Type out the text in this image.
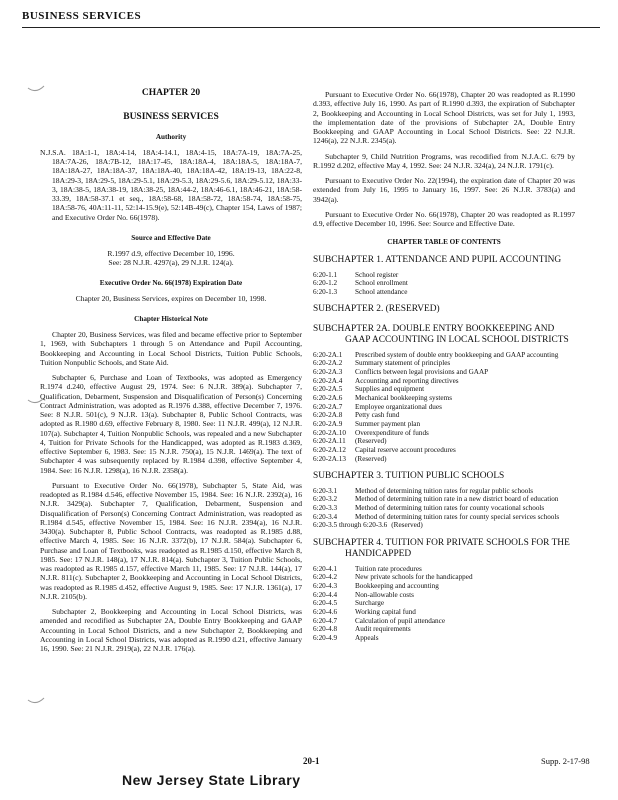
BUSINESS SERVICES
CHAPTER 20
BUSINESS SERVICES
Authority

N.J.S.A. 18A:1-1, 18A:4-14, 18A:4-14.1, 18A:4-15, 18A:7A-19, 18A:7A-25, 18A:7A-26, 18A:7B-12, 18A:17-45, 18A:18A-4, 18A:18A-5, 18A:18A-7, 18A:18A-27, 18A:18A-37, 18A:18A-40, 18A:18A-42, 18A:19-13, 18A:22-8, 18A:29-3, 18A:29-5, 18A:29-5.1, 18A:29-5.3, 18A:29-5.6, 18A:29-5.12, 18A:33-3, 18A:38-5, 18A:38-19, 18A:38-25, 18A:44-2, 18A:46-6.1, 18A:46-21, 18A:58-33.39, 18A:58-37.1 et seq., 18A:58-68, 18A:58-72, 18A:58-74, 18A:58-75, 18A:58-76, 40A:11-11, 52:14-15.9(e), 52:14B-49(c), Chapter 154, Laws of 1987; and Executive Order No. 66(1978).

Source and Effective Date
R.1997 d.9, effective December 10, 1996.
See: 28 N.J.R. 4297(a), 29 N.J.R. 124(a).
Executive Order No. 66(1978) Expiration Date
Chapter 20, Business Services, expires on December 10, 1998.
Chapter Historical Note

Chapter 20, Business Services, was filed and became effective prior to September 1, 1969, with Subchapters 1 through 5 on Attendance and Pupil Accounting, Bookkeeping and Accounting in Local School Districts, Tuition Public Schools, Tuition Nonpublic Schools, and State Aid.

Subchapter 6, Purchase and Loan of Textbooks, was adopted as Emergency R.1974 d.240, effective August 29, 1974. See: 6 N.J.R. 389(a). Subchapter 7, Qualification, Debarment, Suspension and Disqualification of Person(s) Concerning Contract Administration, was adopted as R.1976 d.388, effective December 7, 1976. See: 8 N.J.R. 501(c), 9 N.J.R. 13(a). Subchapter 8, Public School Contracts, was adopted as R.1980 d.69, effective February 8, 1980. See: 11 N.J.R. 499(a), 12 N.J.R. 107(a). Subchapter 4, Tuition Nonpublic Schools, was repealed and a new Subchapter 4, Tuition for Private Schools for the Handicapped, was adopted as R.1983 d.369, effective September 6, 1983. See: 15 N.J.R. 750(a), 15 N.J.R. 1469(a). The text of Subchapter 4 was subsequently replaced by R.1984 d.398, effective September 4, 1984. See: 16 N.J.R. 1298(a), 16 N.J.R. 2358(a).

Pursuant to Executive Order No. 66(1978), Subchapter 5, State Aid, was readopted as R.1984 d.546, effective November 15, 1984. See: 16 N.J.R. 2392(a), 16 N.J.R. 3429(a). Subchapter 7, Qualification, Debarment, Suspension and Disqualification of Person(s) Concerning Contract Administration, was readopted as R.1984 d.545, effective November 15, 1984. See: 16 N.J.R. 2394(a), 16 N.J.R. 3430(a). Subchapter 8, Public School Contracts, was readopted as R.1985 d.88, effective March 4, 1985. See: 16 N.J.R. 3372(b), 17 N.J.R. 584(a). Subchapter 6, Purchase and Loan of Textbooks, was readopted as R.1985 d.150, effective March 8, 1985. See: 17 N.J.R. 148(a), 17 N.J.R. 814(a). Subchapter 3, Tuition Public Schools, was readopted as R.1985 d.157, effective March 11, 1985. See: 17 N.J.R. 144(a), 17 N.J.R. 811(c). Subchapter 2, Bookkeeping and Accounting in Local School Districts, was readopted as R.1985 d.452, effective August 9, 1985. See: 17 N.J.R. 1361(a), 17 N.J.R. 2105(b).

Subchapter 2, Bookkeeping and Accounting in Local School Districts, was amended and recodified as Subchapter 2A, Double Entry Bookkeeping and GAAP Accounting in Local School Districts, and a new Subchapter 2, Bookkeeping and Accounting in Local School Districts, was adopted as R.1990 d.21, effective January 16, 1990. See: 21 N.J.R. 2919(a), 22 N.J.R. 176(a).

Pursuant to Executive Order No. 66(1978), Chapter 20 was readopted as R.1990 d.393, effective July 16, 1990. As part of R.1990 d.393, the expiration of Subchapter 2, Bookkeeping and Accounting in Local School Districts, was set for July 1, 1993, the implementation date of the provisions of Subchapter 2A, Double Entry Bookkeeping and GAAP Accounting in Local School Districts. See: 22 N.J.R. 1246(a), 22 N.J.R. 2345(a).

Subchapter 9, Child Nutrition Programs, was recodified from N.J.A.C. 6:79 by R.1992 d.202, effective May 4, 1992. See: 24 N.J.R. 324(a), 24 N.J.R. 1791(c).

Pursuant to Executive Order No. 22(1994), the expiration date of Chapter 20 was extended from July 16, 1995 to January 16, 1997. See: 26 N.J.R. 3783(a) and 3942(a).

Pursuant to Executive Order No. 66(1978), Chapter 20 was readopted as R.1997 d.9, effective December 10, 1996. See: Source and Effective Date.

CHAPTER TABLE OF CONTENTS
SUBCHAPTER 1. ATTENDANCE AND PUPIL ACCOUNTING
6:20-1.1	School register
6:20-1.2	School enrollment
6:20-1.3	School attendance
SUBCHAPTER 2. (RESERVED)
SUBCHAPTER 2A. DOUBLE ENTRY BOOKKEEPING AND GAAP ACCOUNTING IN LOCAL SCHOOL DISTRICTS
6:20-2A.1	Prescribed system of double entry bookkeeping and GAAP accounting
6:20-2A.2	Summary statement of principles
6:20-2A.3	Conflicts between legal provisions and GAAP
6:20-2A.4	Accounting and reporting directives
6:20-2A.5	Supplies and equipment
6:20-2A.6	Mechanical bookkeeping systems
6:20-2A.7	Employee organizational dues
6:20-2A.8	Petty cash fund
6:20-2A.9	Summer payment plan
6:20-2A.10	Overexpenditure of funds
6:20-2A.11	(Reserved)
6:20-2A.12	Capital reserve account procedures
6:20-2A.13	(Reserved)
SUBCHAPTER 3. TUITION PUBLIC SCHOOLS
6:20-3.1	Method of determining tuition rates for regular public schools
6:20-3.2	Method of determining tuition rate in a new district board of education
6:20-3.3	Method of determining tuition rates for county vocational schools
6:20-3.4	Method of determining tuition rates for county special services schools
6:20-3.5 through 6:20-3.6 (Reserved)
SUBCHAPTER 4. TUITION FOR PRIVATE SCHOOLS FOR THE HANDICAPPED
6:20-4.1	Tuition rate procedures
6:20-4.2	New private schools for the handicapped
6:20-4.3	Bookkeeping and accounting
6:20-4.4	Non-allowable costs
6:20-4.5	Surcharge
6:20-4.6	Working capital fund
6:20-4.7	Calculation of pupil attendance
6:20-4.8	Audit requirements
6:20-4.9	Appeals
20-1	Supp. 2-17-98
New Jersey State Library
